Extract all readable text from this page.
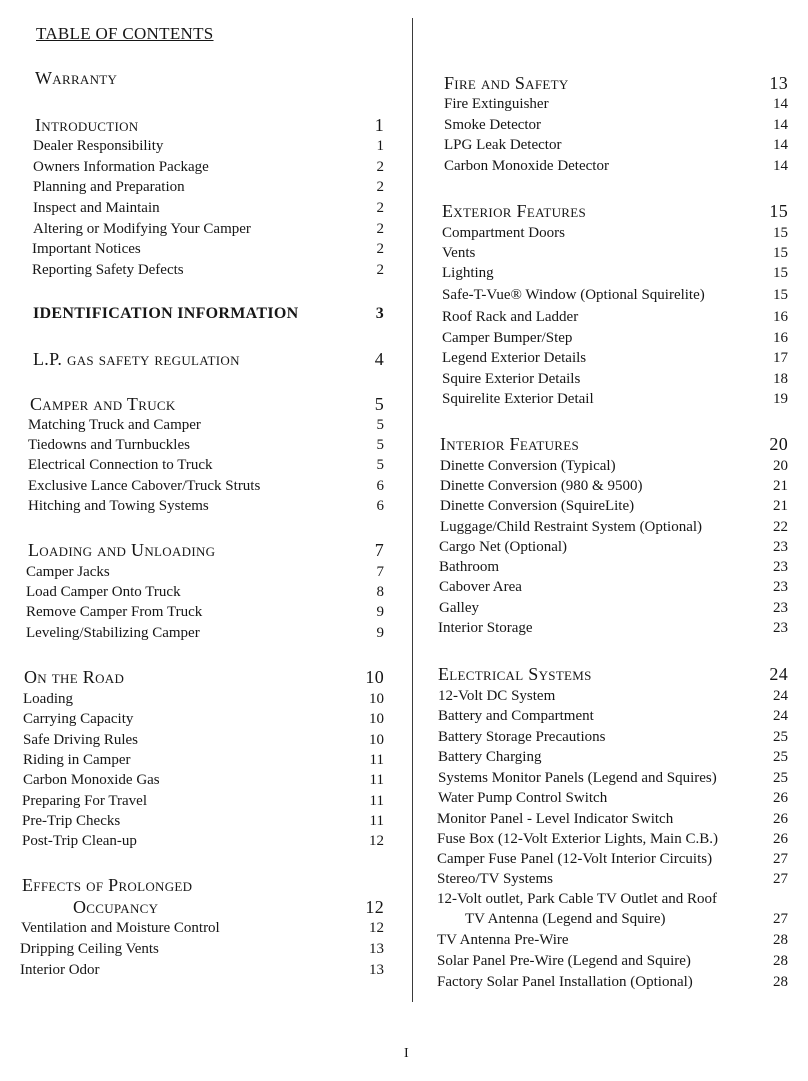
TABLE OF CONTENTS
Warranty
Introduction	1
Dealer Responsibility	1
Owners Information Package	2
Planning and Preparation	2
Inspect and Maintain	2
Altering or Modifying Your Camper	2
Important Notices	2
Reporting Safety Defects	2
IDENTIFICATION INFORMATION	3
L.P. gas safety regulation	4
Camper and Truck	5
Matching Truck and Camper	5
Tiedowns and Turnbuckles	5
Electrical Connection to Truck	5
Exclusive Lance Cabover/Truck Struts	6
Hitching and Towing Systems	6
Loading and Unloading	7
Camper Jacks	7
Load Camper Onto Truck	8
Remove Camper From Truck	9
Leveling/Stabilizing Camper	9
On the Road	10
Loading	10
Carrying Capacity	10
Safe Driving Rules	10
Riding in Camper	11
Carbon Monoxide Gas	11
Preparing For Travel	11
Pre-Trip Checks	11
Post-Trip Clean-up	12
Effects of Prolonged
Occupancy	12
Ventilation and Moisture Control	12
Dripping Ceiling Vents	13
Interior Odor	13
Fire and Safety	13
Fire Extinguisher	14
Smoke Detector	14
LPG Leak Detector	14
Carbon Monoxide Detector	14
Exterior Features	15
Compartment Doors	15
Vents	15
Lighting	15
Safe-T-Vue® Window (Optional Squirelite)	15
Roof Rack and Ladder	16
Camper Bumper/Step	16
Legend Exterior Details	17
Squire Exterior Details	18
Squirelite Exterior Detail	19
Interior Features	20
Dinette Conversion (Typical)	20
Dinette Conversion (980 & 9500)	21
Dinette Conversion (SquireLite)	21
Luggage/Child Restraint System (Optional)	22
Cargo Net (Optional)	23
Bathroom	23
Cabover Area	23
Galley	23
Interior Storage	23
Electrical Systems	24
12-Volt DC System	24
Battery and Compartment	24
Battery Storage Precautions	25
Battery Charging	25
Systems Monitor Panels (Legend and Squires)	25
Water Pump Control Switch	26
Monitor Panel - Level Indicator Switch	26
Fuse Box (12-Volt Exterior Lights, Main C.B.)	26
Camper Fuse Panel (12-Volt Interior Circuits)	27
Stereo/TV Systems	27
12-Volt outlet, Park Cable TV Outlet and Roof
TV Antenna (Legend and Squire)	27
TV Antenna Pre-Wire	28
Solar Panel Pre-Wire (Legend and Squire)	28
Factory Solar Panel Installation (Optional)	28
I
